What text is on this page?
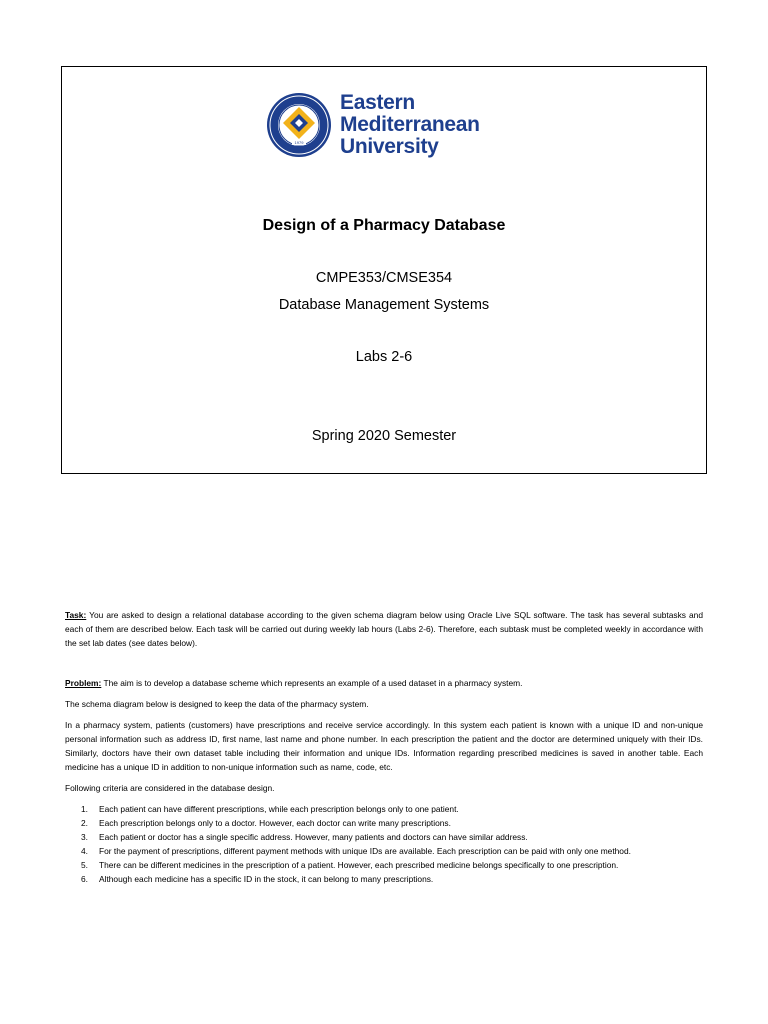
1979
Eastern
Mediterranean
University
Design of a Pharmacy Database
CMPE353/CMSE354
Database Management Systems
Labs 2-6
Spring 2020 Semester

Task: You are asked to design a relational database according to the given schema diagram below using Oracle Live SQL software. The task has several subtasks and each of them are described below. Each task will be carried out during weekly lab hours (Labs 2-6). Therefore, each subtask must be completed weekly in accordance with the set lab dates (see dates below).

Problem: The aim is to develop a database scheme which represents an example of a used dataset in a pharmacy system.

The schema diagram below is designed to keep the data of the pharmacy system.

In a pharmacy system, patients (customers) have prescriptions and receive service accordingly. In this system each patient is known with a unique ID and non-unique personal information such as address ID, first name, last name and phone number. In each prescription the patient and the doctor are determined uniquely with their IDs. Similarly, doctors have their own dataset table including their information and unique IDs. Information regarding prescribed medicines is saved in another table. Each medicine has a unique ID in addition to non-unique information such as name, code, etc.

Following criteria are considered in the database design.

1. Each patient can have different prescriptions, while each prescription belongs only to one patient.
2. Each prescription belongs only to a doctor. However, each doctor can write many prescriptions.
3. Each patient or doctor has a single specific address. However, many patients and doctors can have similar address.
4. For the payment of prescriptions, different payment methods with unique IDs are available. Each prescription can be paid with only one method.
5. There can be different medicines in the prescription of a patient. However, each prescribed medicine belongs specifically to one prescription.
6. Although each medicine has a specific ID in the stock, it can belong to many prescriptions.
